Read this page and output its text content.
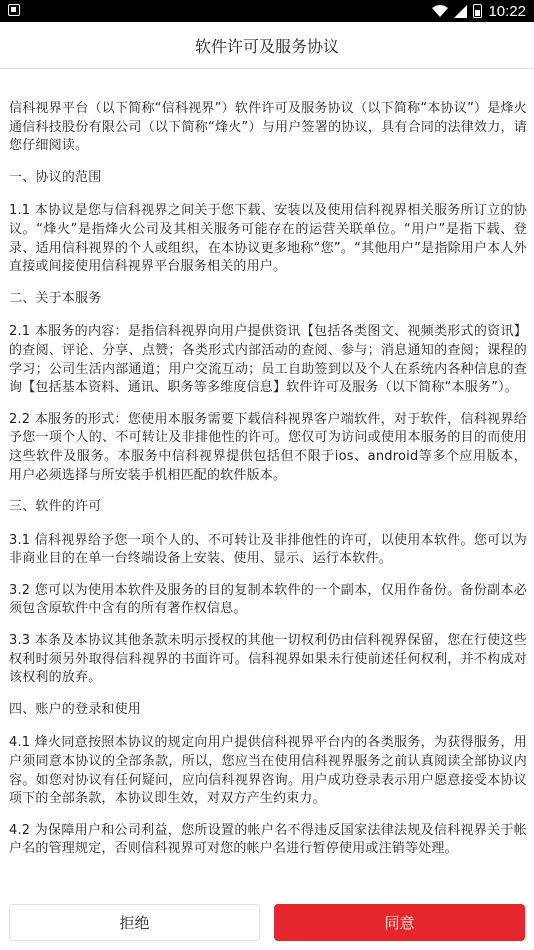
10:22
软件许可及服务协议

信科视界平台（以下简称“信科视界”）软件许可及服务协议（以下简称“本协议”）是烽火通信科技股份有限公司（以下简称“烽火”）与用户签署的协议，具有合同的法律效力，请您仔细阅读。

一、协议的范围

1.1 本协议是您与信科视界之间关于您下载、安装以及使用信科视界相关服务所订立的协议。“烽火”是指烽火公司及其相关服务可能存在的运营关联单位。“用户”是指下载、登录、适用信科视界的个人或组织，在本协议更多地称“您”。“其他用户”是指除用户本人外直接或间接使用信科视界平台服务相关的用户。

二、关于本服务

2.1 本服务的内容：是指信科视界向用户提供资讯【包括各类图文、视频类形式的资讯】的查阅、评论、分享、点赞；各类形式内部活动的查阅、参与；消息通知的查阅；课程的学习；公司生活内部通道；用户交流互动；员工自助签到以及个人在系统内各种信息的查询【包括基本资料、通讯、职务等多维度信息】软件许可及服务（以下简称“本服务”）。

2.2 本服务的形式：您使用本服务需要下载信科视界客户端软件，对于软件，信科视界给予您一项个人的、不可转让及非排他性的许可。您仅可为访问或使用本服务的目的而使用这些软件及服务。本服务中信科视界提供包括但不限于ios、android等多个应用版本，用户必须选择与所安装手机相匹配的软件版本。

三、软件的许可

3.1 信科视界给予您一项个人的、不可转让及非排他性的许可，以使用本软件。您可以为非商业目的在单一台终端设备上安装、使用、显示、运行本软件。

3.2 您可以为使用本软件及服务的目的复制本软件的一个副本，仅用作备份。备份副本必须包含原软件中含有的所有著作权信息。

3.3 本条及本协议其他条款未明示授权的其他一切权利仍由信科视界保留，您在行使这些权利时须另外取得信科视界的书面许可。信科视界如果未行使前述任何权利，并不构成对该权利的放弃。

四、账户的登录和使用

4.1 烽火同意按照本协议的规定向用户提供信科视界平台内的各类服务，为获得服务，用户须同意本协议的全部条款，所以，您应当在使用信科视界服务之前认真阅读全部协议内容。如您对协议有任何疑问，应向信科视界咨询。用户成功登录表示用户愿意接受本协议项下的全部条款，本协议即生效，对双方产生约束力。

4.2 为保障用户和公司利益，您所设置的帐户名不得违反国家法律法规及信科视界关于帐户名的管理规定，否则信科视界可对您的帐户名进行暂停使用或注销等处理。

拒绝	同意
